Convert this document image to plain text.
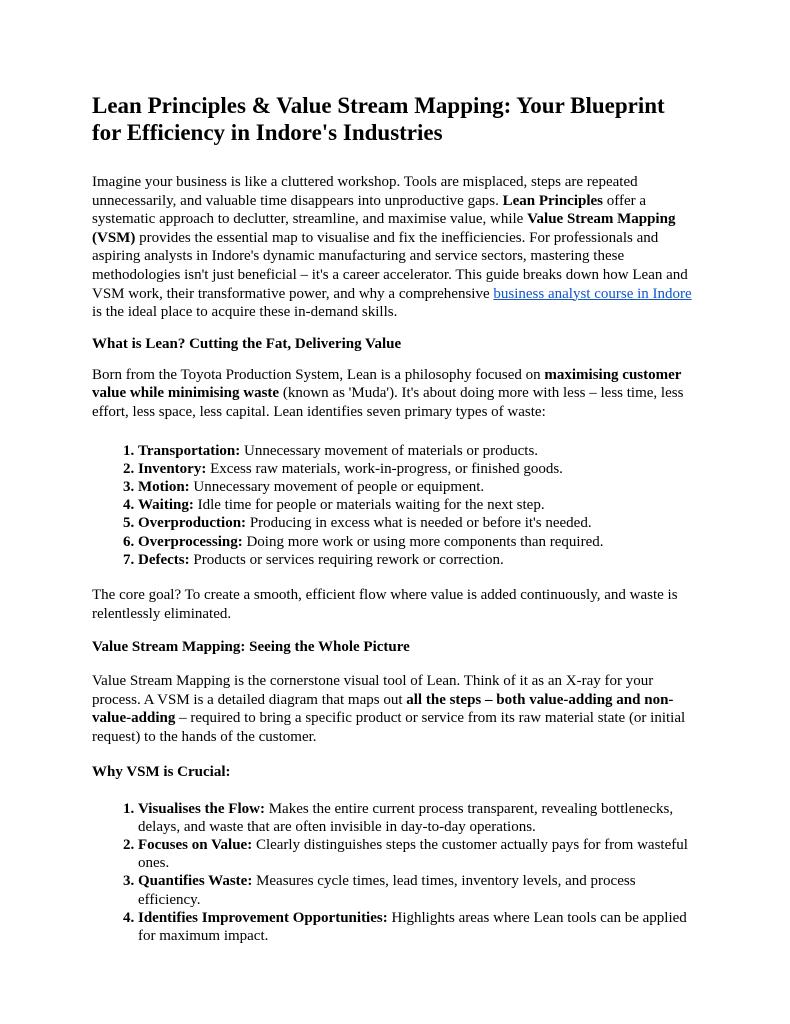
Lean Principles & Value Stream Mapping: Your Blueprint for Efficiency in Indore's Industries

Imagine your business is like a cluttered workshop. Tools are misplaced, steps are repeated unnecessarily, and valuable time disappears into unproductive gaps. Lean Principles offer a systematic approach to declutter, streamline, and maximise value, while Value Stream Mapping (VSM) provides the essential map to visualise and fix the inefficiencies. For professionals and aspiring analysts in Indore's dynamic manufacturing and service sectors, mastering these methodologies isn't just beneficial – it's a career accelerator. This guide breaks down how Lean and VSM work, their transformative power, and why a comprehensive business analyst course in Indore is the ideal place to acquire these in-demand skills.

What is Lean? Cutting the Fat, Delivering Value

Born from the Toyota Production System, Lean is a philosophy focused on maximising customer value while minimising waste (known as 'Muda'). It's about doing more with less – less time, less effort, less space, less capital. Lean identifies seven primary types of waste:

1. Transportation: Unnecessary movement of materials or products.
2. Inventory: Excess raw materials, work-in-progress, or finished goods.
3. Motion: Unnecessary movement of people or equipment.
4. Waiting: Idle time for people or materials waiting for the next step.
5. Overproduction: Producing in excess what is needed or before it's needed.
6. Overprocessing: Doing more work or using more components than required.
7. Defects: Products or services requiring rework or correction.

The core goal? To create a smooth, efficient flow where value is added continuously, and waste is relentlessly eliminated.

Value Stream Mapping: Seeing the Whole Picture

Value Stream Mapping is the cornerstone visual tool of Lean. Think of it as an X-ray for your process. A VSM is a detailed diagram that maps out all the steps – both value-adding and non-value-adding – required to bring a specific product or service from its raw material state (or initial request) to the hands of the customer.

Why VSM is Crucial:
1. Visualises the Flow: Makes the entire current process transparent, revealing bottlenecks, delays, and waste that are often invisible in day-to-day operations.
2. Focuses on Value: Clearly distinguishes steps the customer actually pays for from wasteful ones.
3. Quantifies Waste: Measures cycle times, lead times, inventory levels, and process efficiency.
4. Identifies Improvement Opportunities: Highlights areas where Lean tools can be applied for maximum impact.
